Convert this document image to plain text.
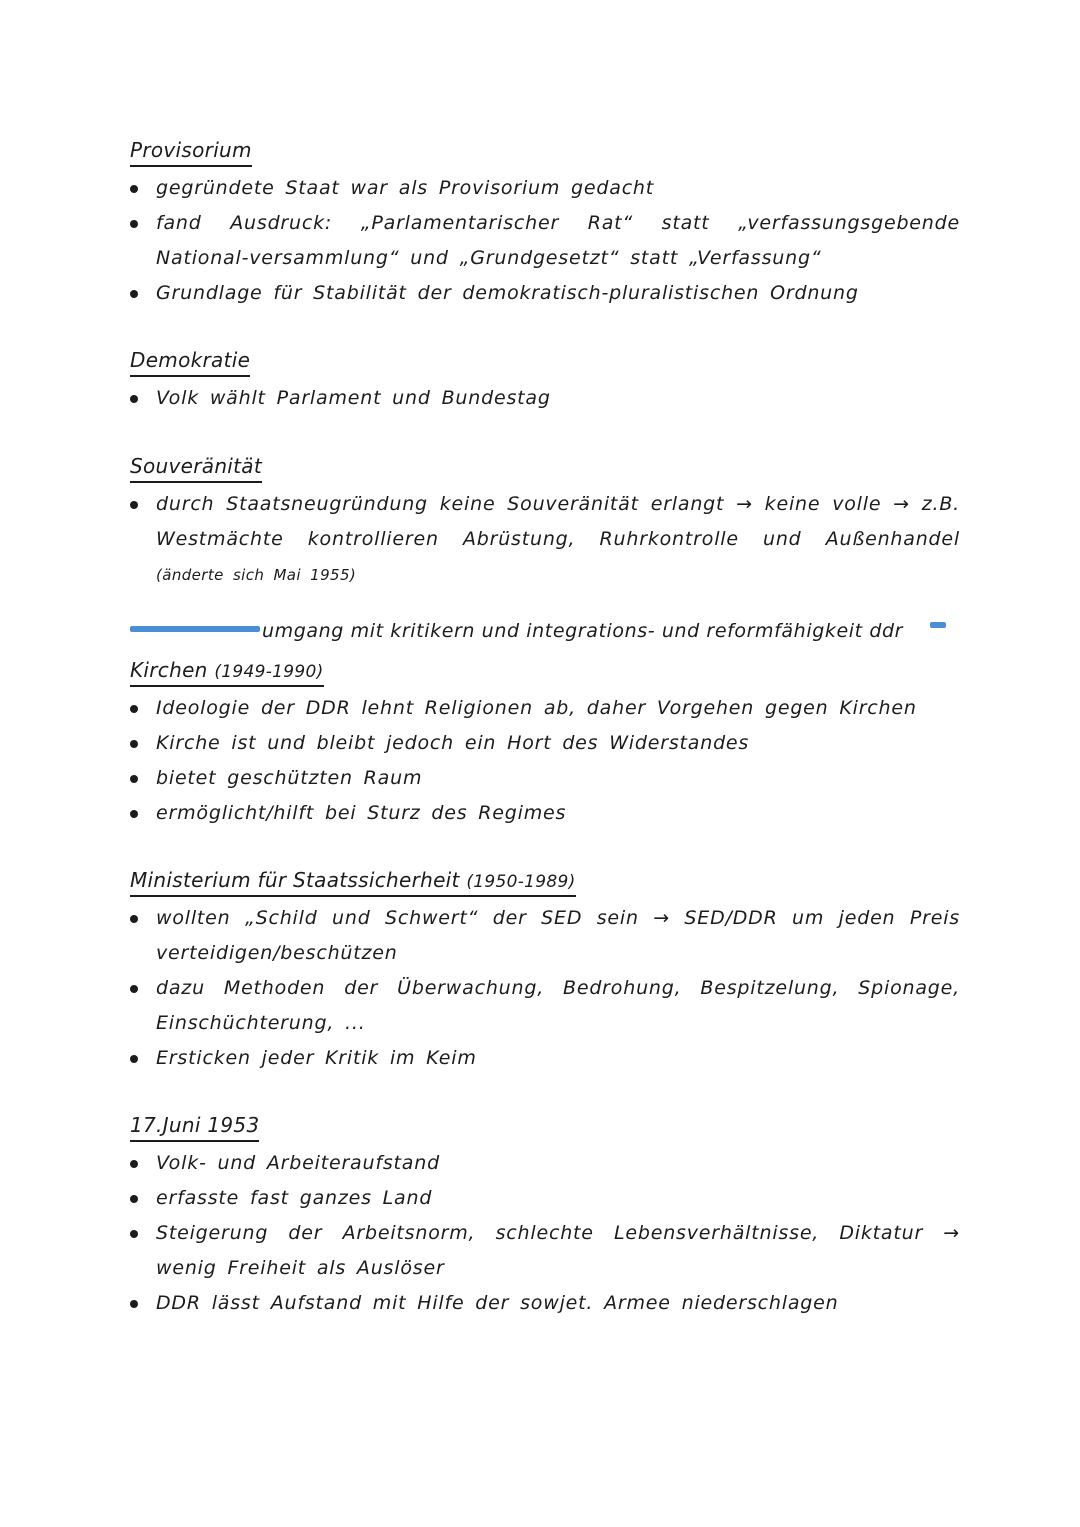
Provisorium
gegründete Staat war als Provisorium gedacht
fand Ausdruck: „Parlamentarischer Rat“ statt „verfassungsgebende National-versammlung“ und „Grundgesetzt“ statt „Verfassung“
Grundlage für Stabilität der demokratisch-pluralistischen Ordnung
Demokratie
Volk wählt Parlament und Bundestag
Souveränität
durch Staatsneugründung keine Souveränität erlangt → keine volle → z.B. Westmächte kontrollieren Abrüstung, Ruhrkontrolle und Außenhandel (änderte sich Mai 1955)
umgang mit kritikern und integrations- und reformfähigkeit ddr
Kirchen (1949-1990)
Ideologie der DDR lehnt Religionen ab, daher Vorgehen gegen Kirchen
Kirche ist und bleibt jedoch ein Hort des Widerstandes
bietet geschützten Raum
ermöglicht/hilft bei Sturz des Regimes
Ministerium für Staatssicherheit (1950-1989)
wollten „Schild und Schwert“ der SED sein → SED/DDR um jeden Preis verteidigen/beschützen
dazu Methoden der Überwachung, Bedrohung, Bespitzelung, Spionage, Einschüchterung, ...
Ersticken jeder Kritik im Keim
17.Juni 1953
Volk- und Arbeiteraufstand
erfasste fast ganzes Land
Steigerung der Arbeitsnorm, schlechte Lebensverhältnisse, Diktatur → wenig Freiheit als Auslöser
DDR lässt Aufstand mit Hilfe der sowjet. Armee niederschlagen
